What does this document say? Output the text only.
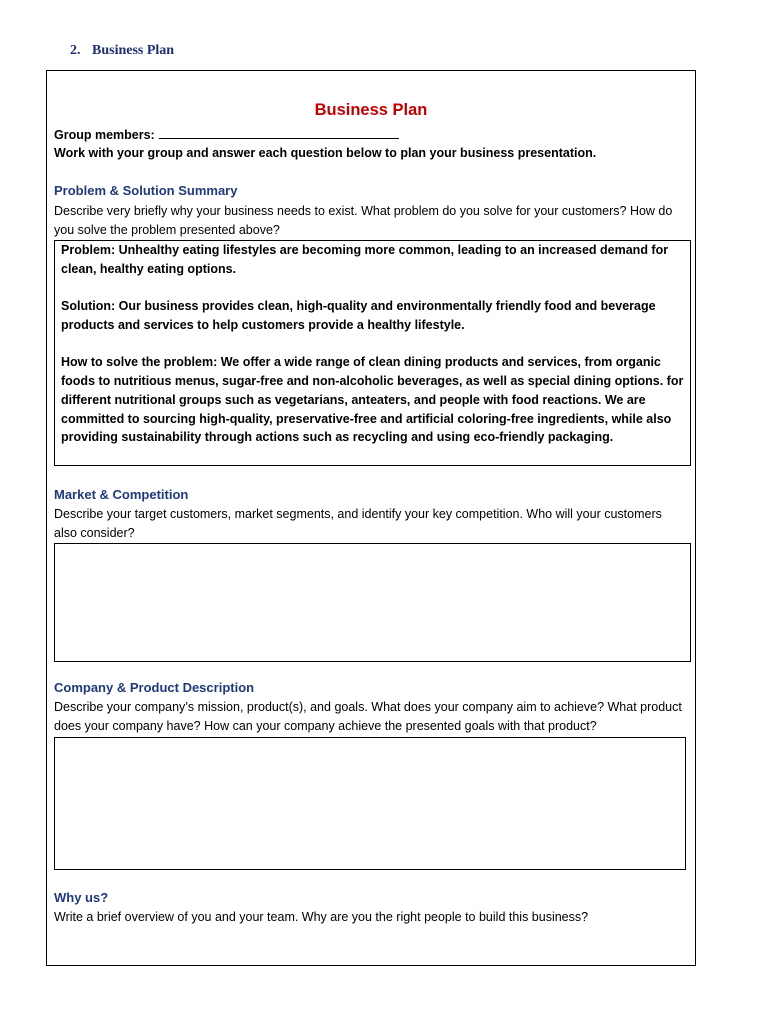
2. Business Plan
Business Plan

Group members:

Work with your group and answer each question below to plan your business presentation.

Problem & Solution Summary

Describe very briefly why your business needs to exist. What problem do you solve for your customers? How do you solve the problem presented above?

Problem: Unhealthy eating lifestyles are becoming more common, leading to an increased demand for clean, healthy eating options.

Solution: Our business provides clean, high-quality and environmentally friendly food and beverage products and services to help customers provide a healthy lifestyle.

How to solve the problem: We offer a wide range of clean dining products and services, from organic foods to nutritious menus, sugar-free and non-alcoholic beverages, as well as special dining options. for different nutritional groups such as vegetarians, anteaters, and people with food reactions. We are committed to sourcing high-quality, preservative-free and artificial coloring-free ingredients, while also providing sustainability through actions such as recycling and using eco-friendly packaging.

Market & Competition

Describe your target customers, market segments, and identify your key competition. Who will your customers also consider?

Company & Product Description

Describe your company’s mission, product(s), and goals. What does your company aim to achieve? What product does your company have? How can your company achieve the presented goals with that product?

Why us?

Write a brief overview of you and your team. Why are you the right people to build this business?
